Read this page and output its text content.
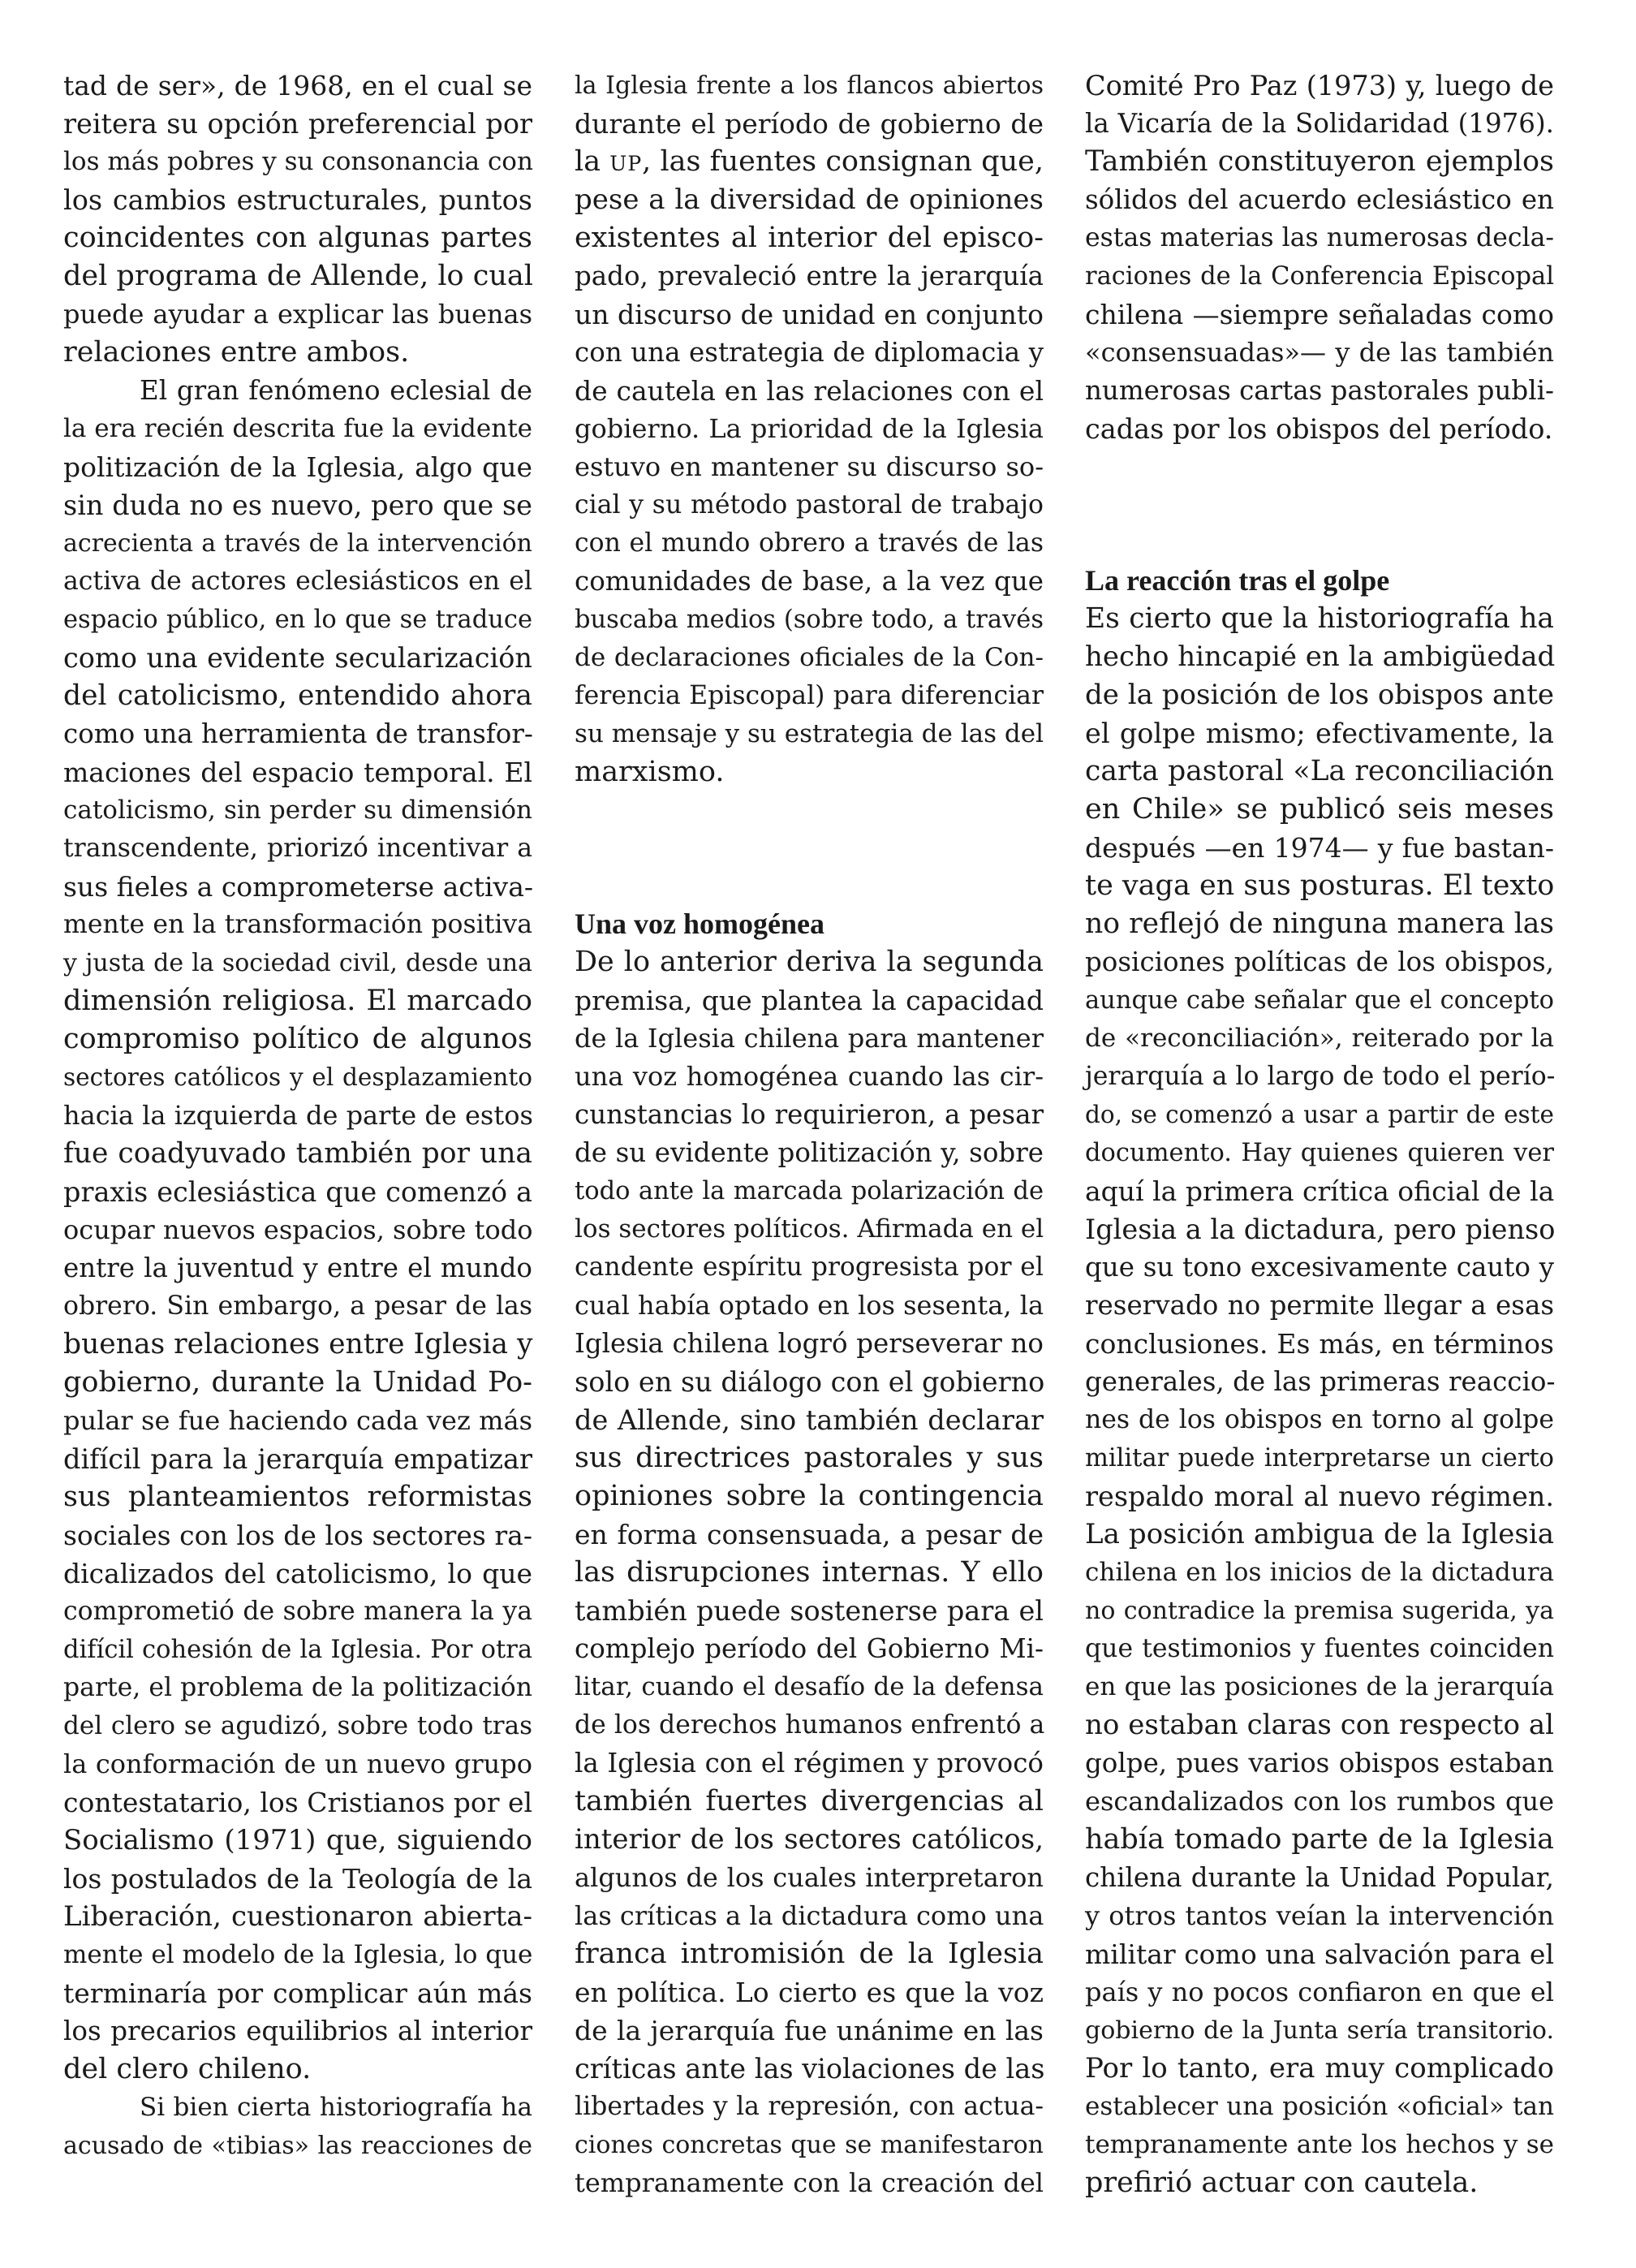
tad de ser», de 1968, en el cual se
reitera su opción preferencial por
los más pobres y su consonancia con
los cambios estructurales, puntos
coincidentes con algunas partes
del programa de Allende, lo cual
puede ayudar a explicar las buenas
relaciones entre ambos.
El gran fenómeno eclesial de
la era recién descrita fue la evidente
politización de la Iglesia, algo que
sin duda no es nuevo, pero que se
acrecienta a través de la intervención
activa de actores eclesiásticos en el
espacio público, en lo que se traduce
como una evidente secularización
del catolicismo, entendido ahora
como una herramienta de transfor-
maciones del espacio temporal. El
catolicismo, sin perder su dimensión
transcendente, priorizó incentivar a
sus fieles a comprometerse activa-
mente en la transformación positiva
y justa de la sociedad civil, desde una
dimensión religiosa. El marcado
compromiso político de algunos
sectores católicos y el desplazamiento
hacia la izquierda de parte de estos
fue coadyuvado también por una
praxis eclesiástica que comenzó a
ocupar nuevos espacios, sobre todo
entre la juventud y entre el mundo
obrero. Sin embargo, a pesar de las
buenas relaciones entre Iglesia y
gobierno, durante la Unidad Po-
pular se fue haciendo cada vez más
difícil para la jerarquía empatizar
sus planteamientos reformistas
sociales con los de los sectores ra-
dicalizados del catolicismo, lo que
comprometió de sobre manera la ya
difícil cohesión de la Iglesia. Por otra
parte, el problema de la politización
del clero se agudizó, sobre todo tras
la conformación de un nuevo grupo
contestatario, los Cristianos por el
Socialismo (1971) que, siguiendo
los postulados de la Teología de la
Liberación, cuestionaron abierta-
mente el modelo de la Iglesia, lo que
terminaría por complicar aún más
los precarios equilibrios al interior
del clero chileno.
Si bien cierta historiografía ha
acusado de «tibias» las reacciones de
la Iglesia frente a los flancos abiertos
durante el período de gobierno de
la up, las fuentes consignan que,
pese a la diversidad de opiniones
existentes al interior del episco-
pado, prevaleció entre la jerarquía
un discurso de unidad en conjunto
con una estrategia de diplomacia y
de cautela en las relaciones con el
gobierno. La prioridad de la Iglesia
estuvo en mantener su discurso so-
cial y su método pastoral de trabajo
con el mundo obrero a través de las
comunidades de base, a la vez que
buscaba medios (sobre todo, a través
de declaraciones oficiales de la Con-
ferencia Episcopal) para diferenciar
su mensaje y su estrategia de las del
marxismo.
Una voz homogénea
De lo anterior deriva la segunda
premisa, que plantea la capacidad
de la Iglesia chilena para mantener
una voz homogénea cuando las cir-
cunstancias lo requirieron, a pesar
de su evidente politización y, sobre
todo ante la marcada polarización de
los sectores políticos. Afirmada en el
candente espíritu progresista por el
cual había optado en los sesenta, la
Iglesia chilena logró perseverar no
solo en su diálogo con el gobierno
de Allende, sino también declarar
sus directrices pastorales y sus
opiniones sobre la contingencia
en forma consensuada, a pesar de
las disrupciones internas. Y ello
también puede sostenerse para el
complejo período del Gobierno Mi-
litar, cuando el desafío de la defensa
de los derechos humanos enfrentó a
la Iglesia con el régimen y provocó
también fuertes divergencias al
interior de los sectores católicos,
algunos de los cuales interpretaron
las críticas a la dictadura como una
franca intromisión de la Iglesia
en política. Lo cierto es que la voz
de la jerarquía fue unánime en las
críticas ante las violaciones de las
libertades y la represión, con actua-
ciones concretas que se manifestaron
tempranamente con la creación del
Comité Pro Paz (1973) y, luego de
la Vicaría de la Solidaridad (1976).
También constituyeron ejemplos
sólidos del acuerdo eclesiástico en
estas materias las numerosas decla-
raciones de la Conferencia Episcopal
chilena —siempre señaladas como
«consensuadas»— y de las también
numerosas cartas pastorales publi-
cadas por los obispos del período.
La reacción tras el golpe
Es cierto que la historiografía ha
hecho hincapié en la ambigüedad
de la posición de los obispos ante
el golpe mismo; efectivamente, la
carta pastoral «La reconciliación
en Chile» se publicó seis meses
después —en 1974— y fue bastan-
te vaga en sus posturas. El texto
no reflejó de ninguna manera las
posiciones políticas de los obispos,
aunque cabe señalar que el concepto
de «reconciliación», reiterado por la
jerarquía a lo largo de todo el perío-
do, se comenzó a usar a partir de este
documento. Hay quienes quieren ver
aquí la primera crítica oficial de la
Iglesia a la dictadura, pero pienso
que su tono excesivamente cauto y
reservado no permite llegar a esas
conclusiones. Es más, en términos
generales, de las primeras reaccio-
nes de los obispos en torno al golpe
militar puede interpretarse un cierto
respaldo moral al nuevo régimen.
La posición ambigua de la Iglesia
chilena en los inicios de la dictadura
no contradice la premisa sugerida, ya
que testimonios y fuentes coinciden
en que las posiciones de la jerarquía
no estaban claras con respecto al
golpe, pues varios obispos estaban
escandalizados con los rumbos que
había tomado parte de la Iglesia
chilena durante la Unidad Popular,
y otros tantos veían la intervención
militar como una salvación para el
país y no pocos confiaron en que el
gobierno de la Junta sería transitorio.
Por lo tanto, era muy complicado
establecer una posición «oficial» tan
tempranamente ante los hechos y se
prefirió actuar con cautela.
